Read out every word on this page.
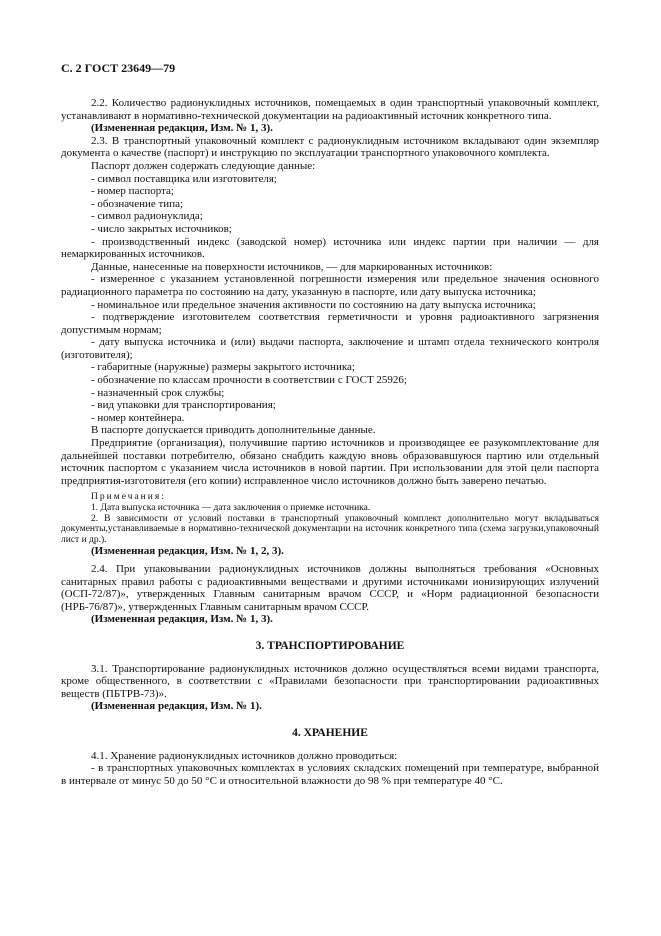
С. 2 ГОСТ 23649—79

2.2. Количество радионуклидных источников, помещаемых в один транспортный упаковочный комплект, устанавливают в нормативно-технической документации на радиоактивный источник конкретного типа.

(Измененная редакция, Изм. № 1, 3).

2.3. В транспортный упаковочный комплект с радионуклидным источником вкладывают один экземпляр документа о качестве (паспорт) и инструкцию по эксплуатации транспортного упаковочного комплекта.

Паспорт должен содержать следующие данные:

- символ поставщика или изготовителя;

- номер паспорта;

- обозначение типа;

- символ радионуклида;

- число закрытых источников;

- производственный индекс (заводской номер) источника или индекс партии при наличии — для немаркированных источников.

Данные, нанесенные на поверхности источников, — для маркированных источников:

- измеренное с указанием установленной погрешности измерения или предельное значения основного радиационного параметра по состоянию на дату, указанную в паспорте, или дату выпуска источника;

- номинальное или предельное значения активности по состоянию на дату выпуска источника;

- подтверждение изготовителем соответствия герметичности и уровня радиоактивного загрязнения допустимым нормам;

- дату выпуска источника и (или) выдачи паспорта, заключение и штамп отдела технического контроля (изготовителя);

- габаритные (наружные) размеры закрытого источника;

- обозначение по классам прочности в соответствии с ГОСТ 25926;

- назначенный срок службы;

- вид упаковки для транспортирования;

- номер контейнера.

В паспорте допускается приводить дополнительные данные.

Предприятие (организация), получившие партию источников и производящее ее разукомплектование для дальнейшей поставки потребителю, обязано снабдить каждую вновь образовавшуюся партию или отдельный источник паспортом с указанием числа источников в новой партии. При использовании для этой цели паспорта предприятия-изготовителя (его копии) исправленное число источников должно быть заверено печатью.

Примечания:

1. Дата выпуска источника — дата заключения о приемке источника.

2. В зависимости от условий поставки в транспортный упаковочный комплект дополнительно могут вкладываться документы,устанавливаемые в нормативно-технической документации на источник конкретного типа (схема загрузки,упаковочный лист и др.).

(Измененная редакция, Изм. № 1, 2, 3).

2.4. При упаковывании радионуклидных источников должны выполняться требования «Основных санитарных правил работы с радиоактивными веществами и другими источниками ионизирующих излучений (ОСП-72/87)», утвержденных Главным санитарным врачом СССР, и «Норм радиационной безопасности (НРБ-76/87)», утвержденных Главным санитарным врачом СССР.

(Измененная редакция, Изм. № 1, 3).

3. ТРАНСПОРТИРОВАНИЕ

3.1. Транспортирование радионуклидных источников должно осуществляться всеми видами транспорта, кроме общественного, в соответствии с «Правилами безопасности при транспортировании радиоактивных веществ (ПБТРВ-73)».

(Измененная редакция, Изм. № 1).

4. ХРАНЕНИЕ

4.1. Хранение радионуклидных источников должно проводиться:

- в транспортных упаковочных комплектах в условиях складских помещений при температуре, выбранной в интервале от минус 50 до 50 °С и относительной влажности до 98 % при температуре 40 °С.
